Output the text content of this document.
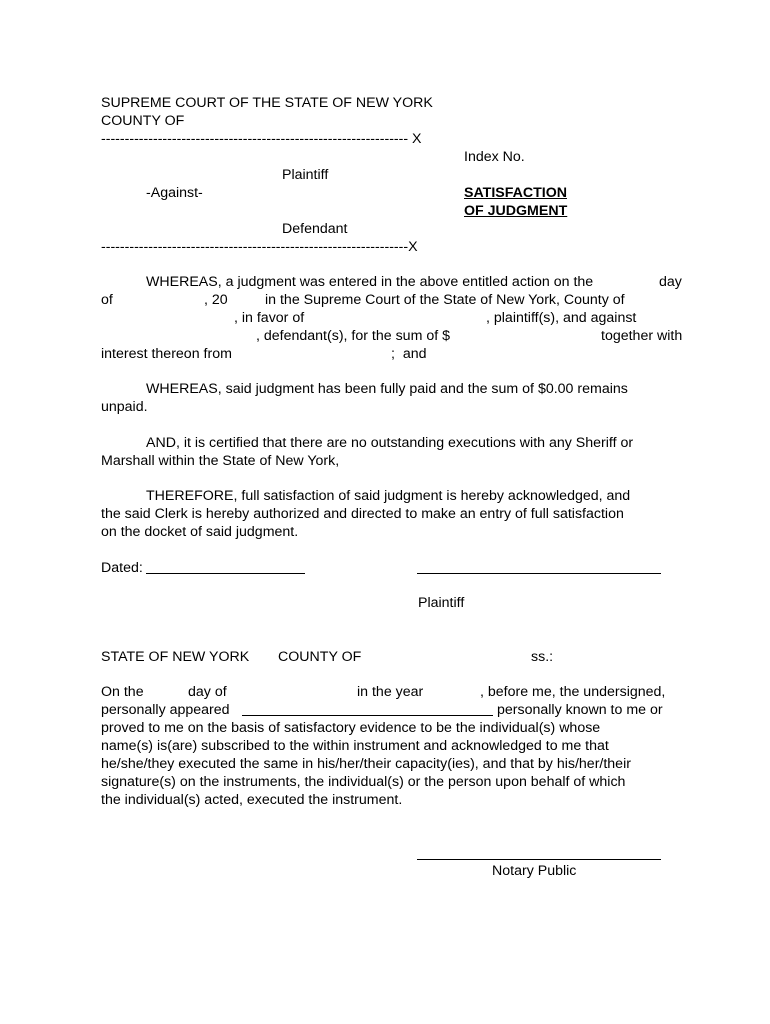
SUPREME COURT OF THE STATE OF NEW YORK
COUNTY OF
----------------------------------------------------------------- X
Index No.
Plaintiff
-Against-	SATISFACTION
OF JUDGMENT
Defendant
-----------------------------------------------------------------X
WHEREAS, a judgment was entered in the above entitled action on the	day
of	, 20	in the Supreme Court of the State of New York, County of
, in favor of	, plaintiff(s), and against
, defendant(s), for the sum of $	together with
interest thereon from	;  and
WHEREAS, said judgment has been fully paid and the sum of $0.00 remains
unpaid.
AND, it is certified that there are no outstanding executions with any Sheriff or
Marshall within the State of New York,
THEREFORE, full satisfaction of said judgment is hereby acknowledged, and
the said Clerk is hereby authorized and directed to make an entry of full satisfaction
on the docket of said judgment.
Dated:
Plaintiff
STATE OF NEW YORK COUNTY OF	ss.:
On the	day of	in the year	, before me, the undersigned,
personally appeared	personally known to me or
proved to me on the basis of satisfactory evidence to be the individual(s) whose
name(s) is(are) subscribed to the within instrument and acknowledged to me that
he/she/they executed the same in his/her/their capacity(ies), and that by his/her/their
signature(s) on the instruments, the individual(s) or the person upon behalf of which
the individual(s) acted, executed the instrument.
Notary Public
